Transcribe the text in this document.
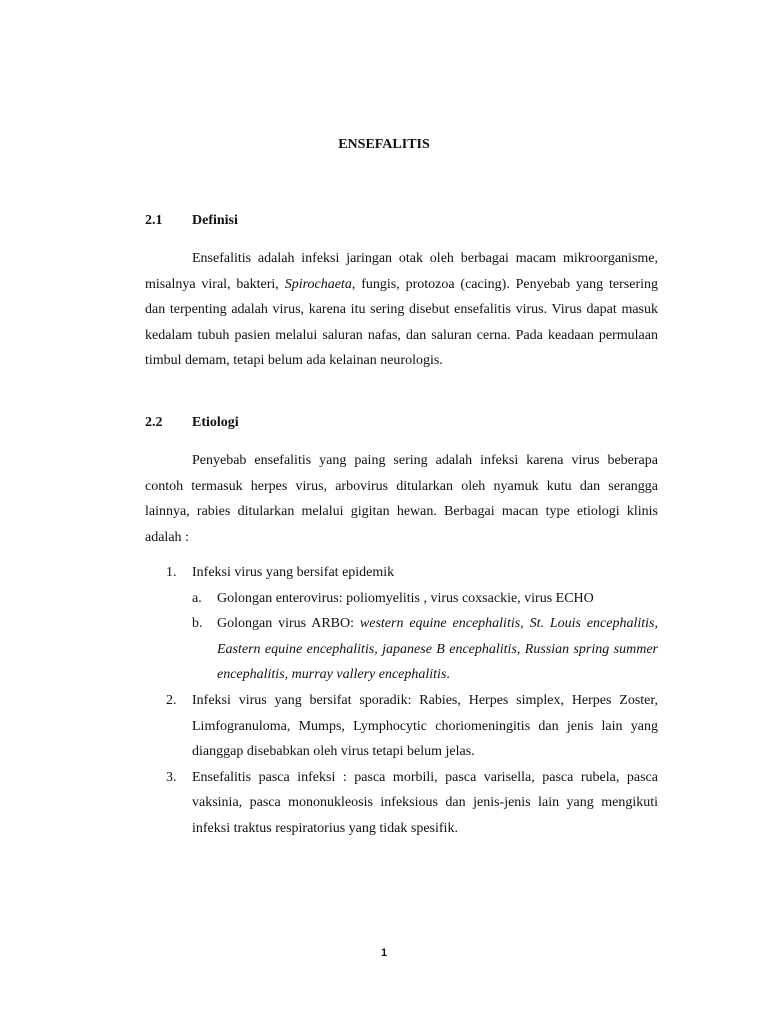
ENSEFALITIS
2.1 Definisi

Ensefalitis adalah infeksi jaringan otak oleh berbagai macam mikroorganisme, misalnya viral, bakteri, Spirochaeta, fungis, protozoa (cacing). Penyebab yang tersering dan terpenting adalah virus, karena itu sering disebut ensefalitis virus. Virus dapat masuk kedalam tubuh pasien melalui saluran nafas, dan saluran cerna. Pada keadaan permulaan timbul demam, tetapi belum ada kelainan neurologis.

2.2 Etiologi

Penyebab ensefalitis yang paing sering adalah infeksi karena virus beberapa contoh termasuk herpes virus, arbovirus ditularkan oleh nyamuk kutu dan serangga lainnya, rabies ditularkan melalui gigitan hewan. Berbagai macan type etiologi klinis adalah :

1. Infeksi virus yang bersifat epidemik
a. Golongan enterovirus: poliomyelitis , virus coxsackie, virus ECHO
b. Golongan virus ARBO: western equine encephalitis, St. Louis encephalitis, Eastern equine encephalitis, japanese B encephalitis, Russian spring summer encephalitis, murray vallery encephalitis.
2. Infeksi virus yang bersifat sporadik: Rabies, Herpes simplex, Herpes Zoster, Limfogranuloma, Mumps, Lymphocytic choriomeningitis dan jenis lain yang dianggap disebabkan oleh virus tetapi belum jelas.
3. Ensefalitis pasca infeksi : pasca morbili, pasca varisella, pasca rubela, pasca vaksinia, pasca mononukleosis infeksious dan jenis-jenis lain yang mengikuti infeksi traktus respiratorius yang tidak spesifik.
1
